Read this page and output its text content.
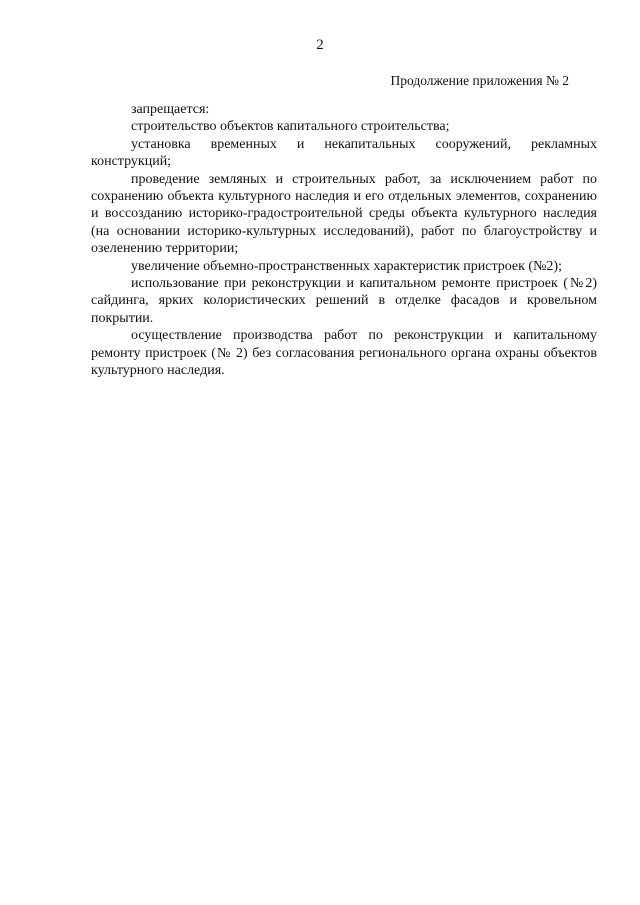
2
Продолжение приложения № 2

запрещается:

строительство объектов капитального строительства;

установка временных и некапитальных сооружений, рекламных конструкций;

проведение земляных и строительных работ, за исключением работ по сохранению объекта культурного наследия и его отдельных элементов, сохранению и воссозданию историко-градостроительной среды объекта культурного наследия (на основании историко-культурных исследований), работ по благоустройству и озеленению территории;

увеличение объемно-пространственных характеристик пристроек (№2);

использование при реконструкции и капитальном ремонте пристроек (№2) сайдинга, ярких колористических решений в отделке фасадов и кровельном покрытии.

осуществление производства работ по реконструкции и капитальному ремонту пристроек (№ 2) без согласования регионального органа охраны объектов культурного наследия.
